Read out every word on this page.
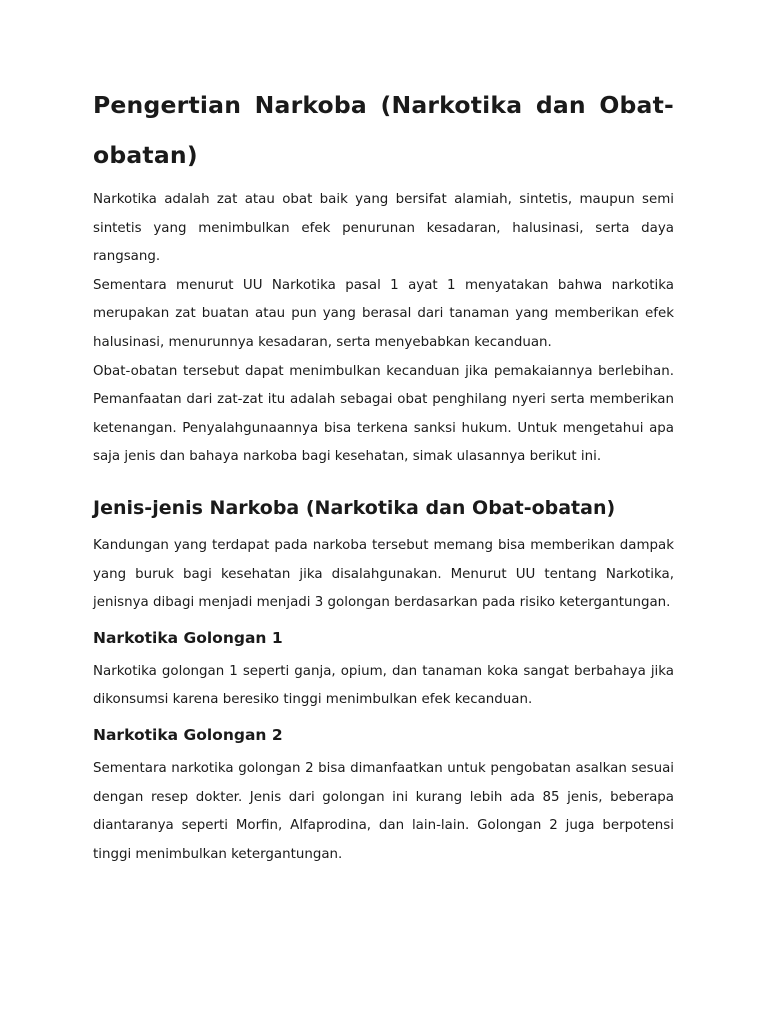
Pengertian Narkoba (Narkotika dan Obat-obatan)

Narkotika adalah zat atau obat baik yang bersifat alamiah, sintetis, maupun semi sintetis yang menimbulkan efek penurunan kesadaran, halusinasi, serta daya rangsang.

Sementara menurut UU Narkotika pasal 1 ayat 1 menyatakan bahwa narkotika merupakan zat buatan atau pun yang berasal dari tanaman yang memberikan efek halusinasi, menurunnya kesadaran, serta menyebabkan kecanduan.

Obat-obatan tersebut dapat menimbulkan kecanduan jika pemakaiannya berlebihan. Pemanfaatan dari zat-zat itu adalah sebagai obat penghilang nyeri serta memberikan ketenangan. Penyalahgunaannya bisa terkena sanksi hukum. Untuk mengetahui apa saja jenis dan bahaya narkoba bagi kesehatan, simak ulasannya berikut ini.

Jenis-jenis Narkoba (Narkotika dan Obat-obatan)

Kandungan yang terdapat pada narkoba tersebut memang bisa memberikan dampak yang buruk bagi kesehatan jika disalahgunakan. Menurut UU tentang Narkotika, jenisnya dibagi menjadi menjadi 3 golongan berdasarkan pada risiko ketergantungan.

Narkotika Golongan 1

Narkotika golongan 1 seperti ganja, opium, dan tanaman koka sangat berbahaya jika dikonsumsi karena beresiko tinggi menimbulkan efek kecanduan.

Narkotika Golongan 2

Sementara narkotika golongan 2 bisa dimanfaatkan untuk pengobatan asalkan sesuai dengan resep dokter. Jenis dari golongan ini kurang lebih ada 85 jenis, beberapa diantaranya seperti Morfin, Alfaprodina, dan lain-lain. Golongan 2 juga berpotensi tinggi menimbulkan ketergantungan.
